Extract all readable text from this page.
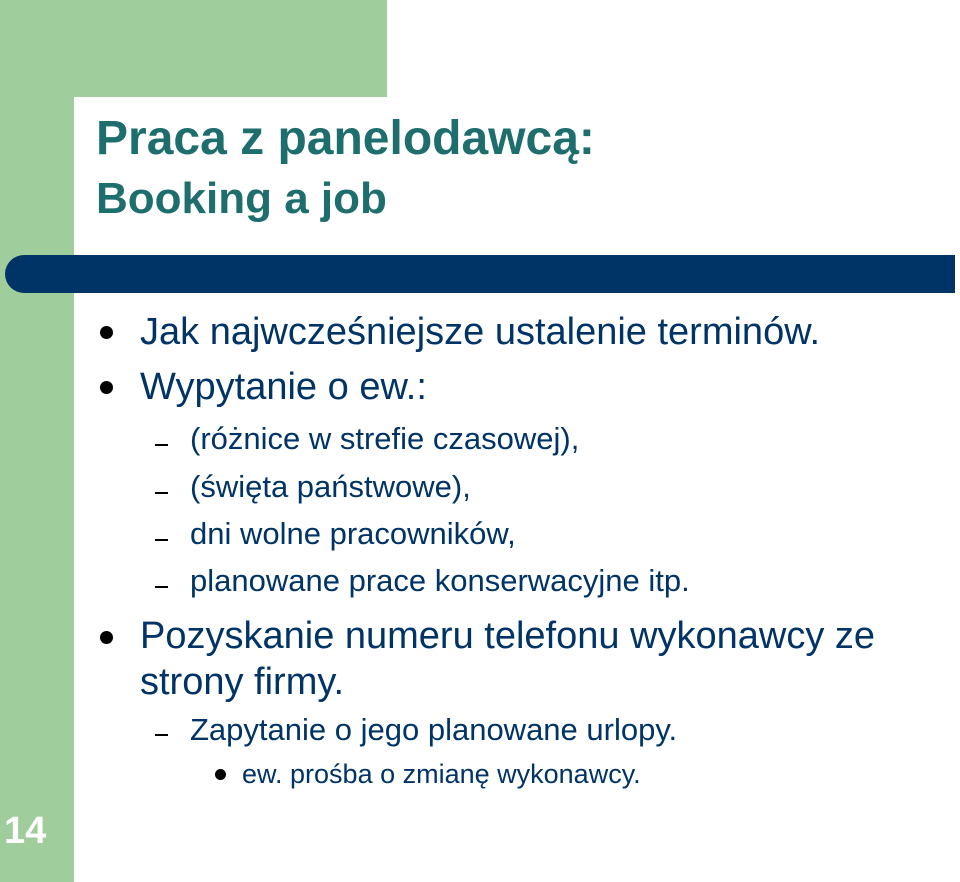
Praca z panelodawcą:
Booking a job
Jak najwcześniejsze ustalenie terminów.
Wypytanie o ew.:
(różnice w strefie czasowej),
(święta państwowe),
dni wolne pracowników,
planowane prace konserwacyjne itp.
Pozyskanie numeru telefonu wykonawcy ze
strony firmy.
Zapytanie o jego planowane urlopy.
ew. prośba o zmianę wykonawcy.
14
